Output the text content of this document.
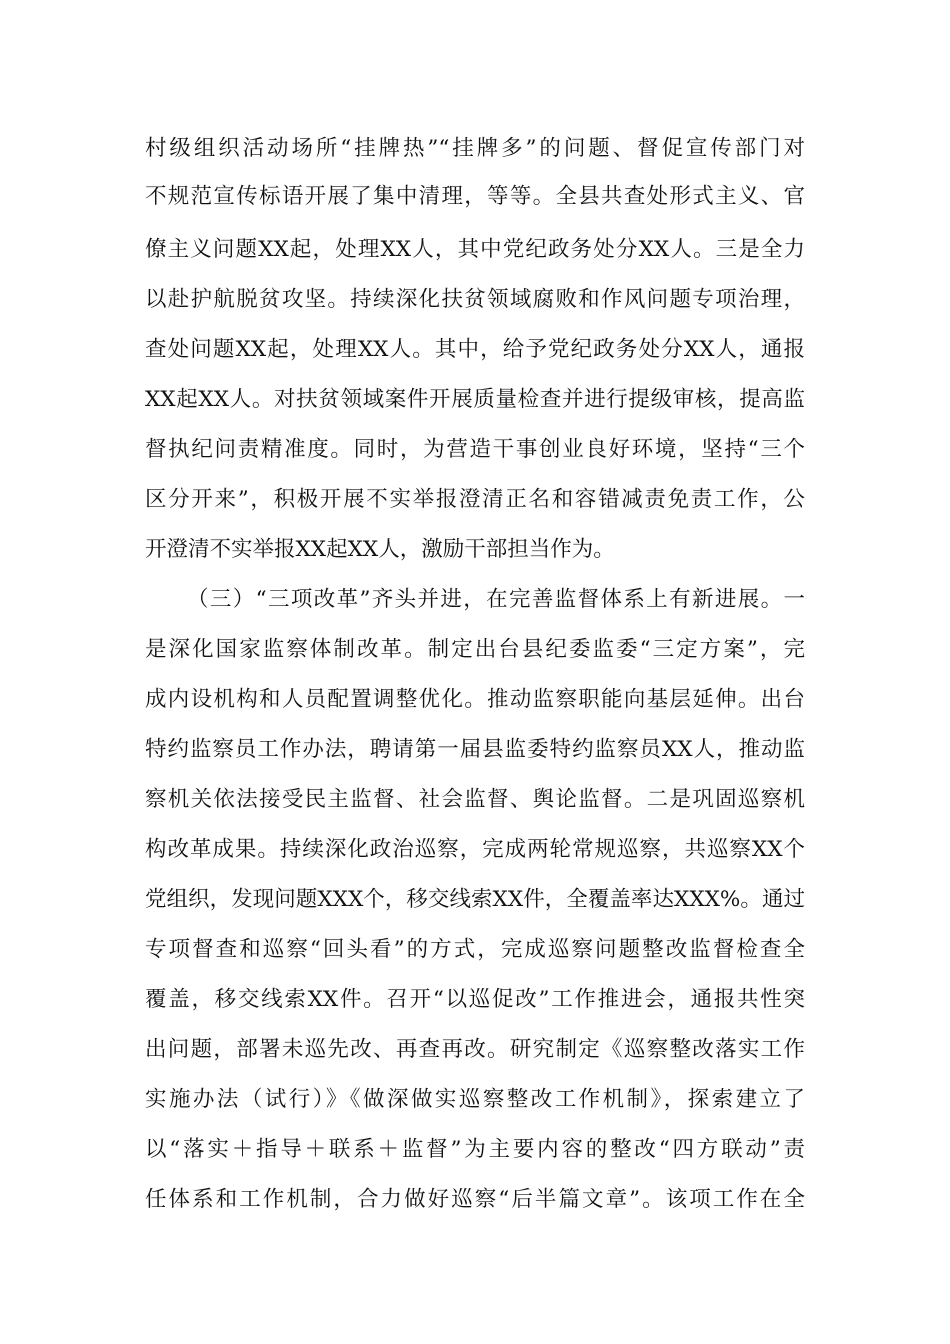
村级组织活动场所“挂牌热”“挂牌多”的问题、督促宣传部门对
不规范宣传标语开展了集中清理，等等。全县共查处形式主义、官
僚主义问题XX起，处理XX人，其中党纪政务处分XX人。三是全力
以赴护航脱贫攻坚。持续深化扶贫领域腐败和作风问题专项治理，
查处问题XX起，处理XX人。其中，给予党纪政务处分XX人，通报
XX起XX人。对扶贫领域案件开展质量检查并进行提级审核，提高监
督执纪问责精准度。同时，为营造干事创业良好环境，坚持“三个
区分开来”，积极开展不实举报澄清正名和容错减责免责工作，公
开澄清不实举报XX起XX人，激励干部担当作为。
（三）“三项改革”齐头并进，在完善监督体系上有新进展。一
是深化国家监察体制改革。制定出台县纪委监委“三定方案”，完
成内设机构和人员配置调整优化。推动监察职能向基层延伸。出台
特约监察员工作办法，聘请第一届县监委特约监察员XX人，推动监
察机关依法接受民主监督、社会监督、舆论监督。二是巩固巡察机
构改革成果。持续深化政治巡察，完成两轮常规巡察，共巡察XX个
党组织，发现问题XXX个，移交线索XX件，全覆盖率达XXX%。通过
专项督查和巡察“回头看”的方式，完成巡察问题整改监督检查全
覆盖，移交线索XX件。召开“以巡促改”工作推进会，通报共性突
出问题，部署未巡先改、再查再改。研究制定《巡察整改落实工作
实施办法（试行）》《做深做实巡察整改工作机制》，探索建立了
以“落实＋指导＋联系＋监督”为主要内容的整改“四方联动”责
任体系和工作机制，合力做好巡察“后半篇文章”。该项工作在全
